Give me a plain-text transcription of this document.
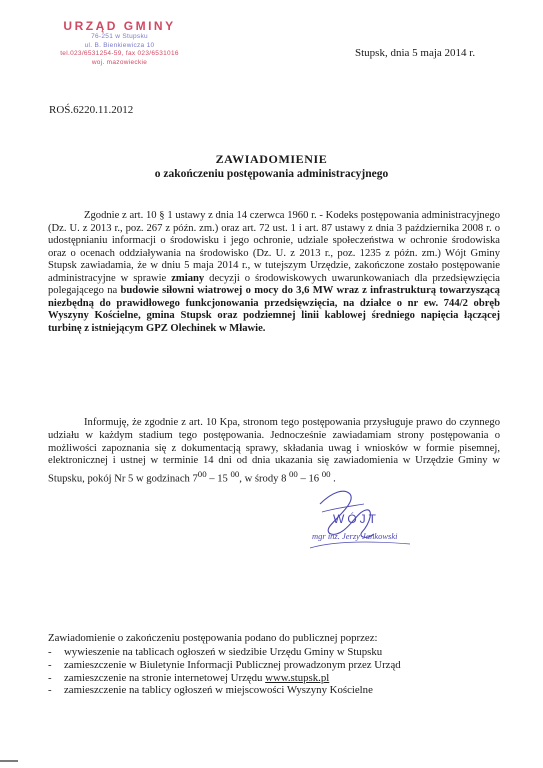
URZĄD GMINY
76-251 w Stupsku
ul. B. Bienkiewicza 10
tel.023/6531254-59, fax 023/6531016
woj. mazowieckie
Stupsk, dnia 5 maja 2014 r.
ROŚ.6220.11.2012
ZAWIADOMIENIE
o zakończeniu postępowania administracyjnego
Zgodnie z art. 10 § 1 ustawy z dnia 14 czerwca 1960 r. - Kodeks postępowania administracyjnego (Dz. U. z 2013 r., poz. 267 z późn. zm.) oraz art. 72 ust. 1 i art. 87 ustawy z dnia 3 października 2008 r. o udostępnianiu informacji o środowisku i jego ochronie, udziale społeczeństwa w ochronie środowiska oraz o ocenach oddziaływania na środowisko (Dz. U. z 2013 r., poz. 1235 z późn. zm.) Wójt Gminy Stupsk zawiadamia, że w dniu 5 maja 2014 r., w tutejszym Urzędzie, zakończone zostało postępowanie administracyjne w sprawie zmiany decyzji o środowiskowych uwarunkowaniach dla przedsięwzięcia polegającego na budowie siłowni wiatrowej o mocy do 3,6 MW wraz z infrastrukturą towarzyszącą niezbędną do prawidłowego funkcjonowania przedsięwzięcia, na działce o nr ew. 744/2 obręb Wyszyny Kościelne, gmina Stupsk oraz podziemnej linii kablowej średniego napięcia łączącej turbinę z istniejącym GPZ Olechinek w Mławie.
Informuję, że zgodnie z art. 10 Kpa, stronom tego postępowania przysługuje prawo do czynnego udziału w każdym stadium tego postępowania. Jednocześnie zawiadamiam strony postępowania o możliwości zapoznania się z dokumentacją sprawy, składania uwag i wniosków w formie pisemnej, elektronicznej i ustnej w terminie 14 dni od dnia ukazania się zawiadomienia w Urzędzie Gminy w Stupsku, pokój Nr 5 w godzinach $7^{00} - 15$ $^{00}$, w środy 8 $^{00}$ – 16 $^{00}$ .
WÓJT
mgr inż. Jerzy Jankowski
Zawiadomienie o zakończeniu postępowania podano do publicznej poprzez:
- wywieszenie na tablicach ogłoszeń w siedzibie Urzędu Gminy w Stupsku
- zamieszczenie w Biuletynie Informacji Publicznej prowadzonym przez Urząd
- zamieszczenie na stronie internetowej Urzędu www.stupsk.pl
- zamieszczenie na tablicy ogłoszeń w miejscowości Wyszyny Kościelne
